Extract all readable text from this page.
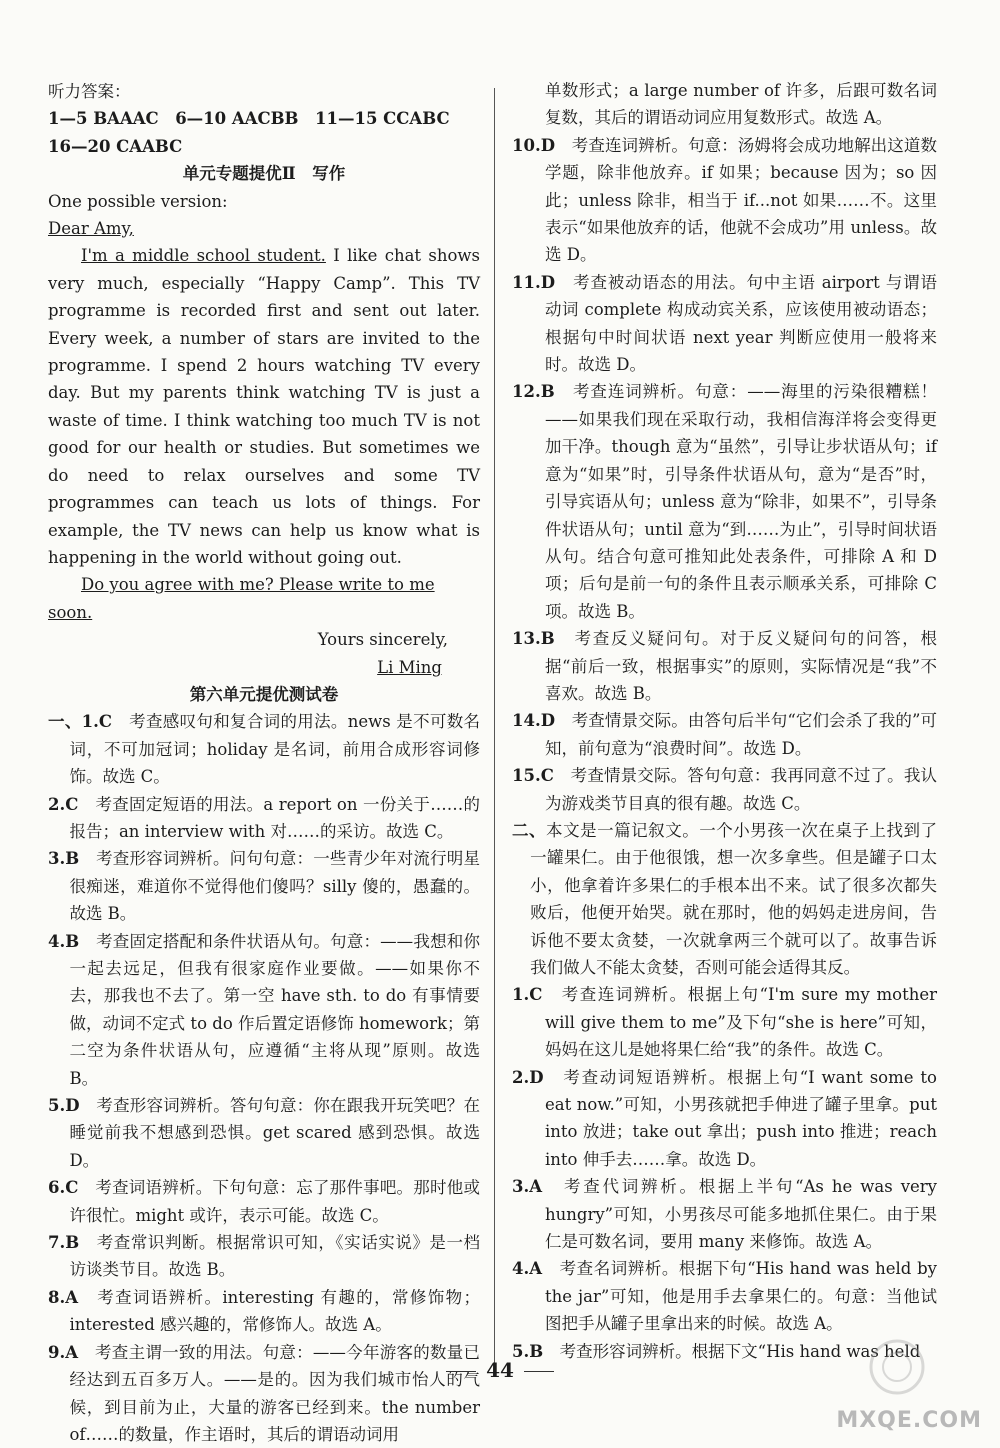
听力答案：

1—5 BAAAC　6—10 AACBB　11—15 CCABC

16—20 CAABC

单元专题提优Ⅱ　写作

One possible version:

Dear Amy,

I'm a middle school student. I like chat shows very much, especially “Happy Camp”. This TV programme is recorded first and sent out later. Every week, a number of stars are invited to the programme. I spend 2 hours watching TV every day. But my parents think watching TV is just a waste of time. I think watching too much TV is not good for our health or studies. But sometimes we do need to relax ourselves and some TV programmes can teach us lots of things. For example, the TV news can help us know what is happening in the world without going out.

Do you agree with me? Please write to me soon.

Yours sincerely,

Li Ming

第六单元提优测试卷

一、1.C　考查感叹句和复合词的用法。news 是不可数名词，不可加冠词；holiday 是名词，前用合成形容词修饰。故选 C。

2.C　考查固定短语的用法。a report on 一份关于……的报告；an interview with 对……的采访。故选 C。

3.B　考查形容词辨析。问句句意：一些青少年对流行明星很痴迷，难道你不觉得他们傻吗？silly 傻的，愚蠢的。故选 B。

4.B　考查固定搭配和条件状语从句。句意：——我想和你一起去远足，但我有很家庭作业要做。——如果你不去，那我也不去了。第一空 have sth. to do 有事情要做，动词不定式 to do 作后置定语修饰 homework；第二空为条件状语从句，应遵循“主将从现”原则。故选 B。

5.D　考查形容词辨析。答句句意：你在跟我开玩笑吧？在睡觉前我不想感到恐惧。get scared 感到恐惧。故选 D。

6.C　考查词语辨析。下句句意：忘了那件事吧。那时他或许很忙。might 或许，表示可能。故选 C。

7.B　考查常识判断。根据常识可知，《实话实说》是一档访谈类节目。故选 B。

8.A　考查词语辨析。interesting 有趣的，常修饰物；interested 感兴趣的，常修饰人。故选 A。

9.A　考查主谓一致的用法。句意：——今年游客的数量已经达到五百多万人。——是的。因为我们城市怡人的气候，到目前为止，大量的游客已经到来。the number of……的数量，作主语时，其后的谓语动词用

单数形式；a large number of 许多，后跟可数名词复数，其后的谓语动词应用复数形式。故选 A。

10.D　考查连词辨析。句意：汤姆将会成功地解出这道数学题，除非他放弃。if 如果；because 因为；so 因此；unless 除非，相当于 if...not 如果……不。这里表示“如果他放弃的话，他就不会成功”用 unless。故选 D。

11.D　考查被动语态的用法。句中主语 airport 与谓语动词 complete 构成动宾关系，应该使用被动语态；根据句中时间状语 next year 判断应使用一般将来时。故选 D。

12.B　考查连词辨析。句意：——海里的污染很糟糕！——如果我们现在采取行动，我相信海洋将会变得更加干净。though 意为“虽然”，引导让步状语从句；if 意为“如果”时，引导条件状语从句，意为“是否”时，引导宾语从句；unless 意为“除非，如果不”，引导条件状语从句；until 意为“到……为止”，引导时间状语从句。结合句意可推知此处表条件，可排除 A 和 D 项；后句是前一句的条件且表示顺承关系，可排除 C 项。故选 B。

13.B　考查反义疑问句。对于反义疑问句的问答，根据“前后一致，根据事实”的原则，实际情况是“我”不喜欢。故选 B。

14.D　考查情景交际。由答句后半句“它们会杀了我的”可知，前句意为“浪费时间”。故选 D。

15.C　考查情景交际。答句句意：我再同意不过了。我认为游戏类节目真的很有趣。故选 C。

二、本文是一篇记叙文。一个小男孩一次在桌子上找到了一罐果仁。由于他很饿，想一次多拿些。但是罐子口太小，他拿着许多果仁的手根本出不来。试了很多次都失败后，他便开始哭。就在那时，他的妈妈走进房间，告诉他不要太贪婪，一次就拿两三个就可以了。故事告诉我们做人不能太贪婪，否则可能会适得其反。

1.C　考查连词辨析。根据上句“I'm sure my mother will give them to me”及下句“she is here”可知，妈妈在这儿是她将果仁给“我”的条件。故选 C。

2.D　考查动词短语辨析。根据上句“I want some to eat now.”可知，小男孩就把手伸进了罐子里拿。put into 放进；take out 拿出；push into 推进；reach into 伸手去……拿。故选 D。

3.A　考查代词辨析。根据上半句“As he was very hungry”可知，小男孩尽可能多地抓住果仁。由于果仁是可数名词，要用 many 来修饰。故选 A。

4.A　考查名词辨析。根据下句“His hand was held by the jar”可知，他是用手去拿果仁的。句意：当他试图把手从罐子里拿出来的时候。故选 A。

5.B　考查形容词辨析。根据下文“His hand was held

44
MXQE.COM
